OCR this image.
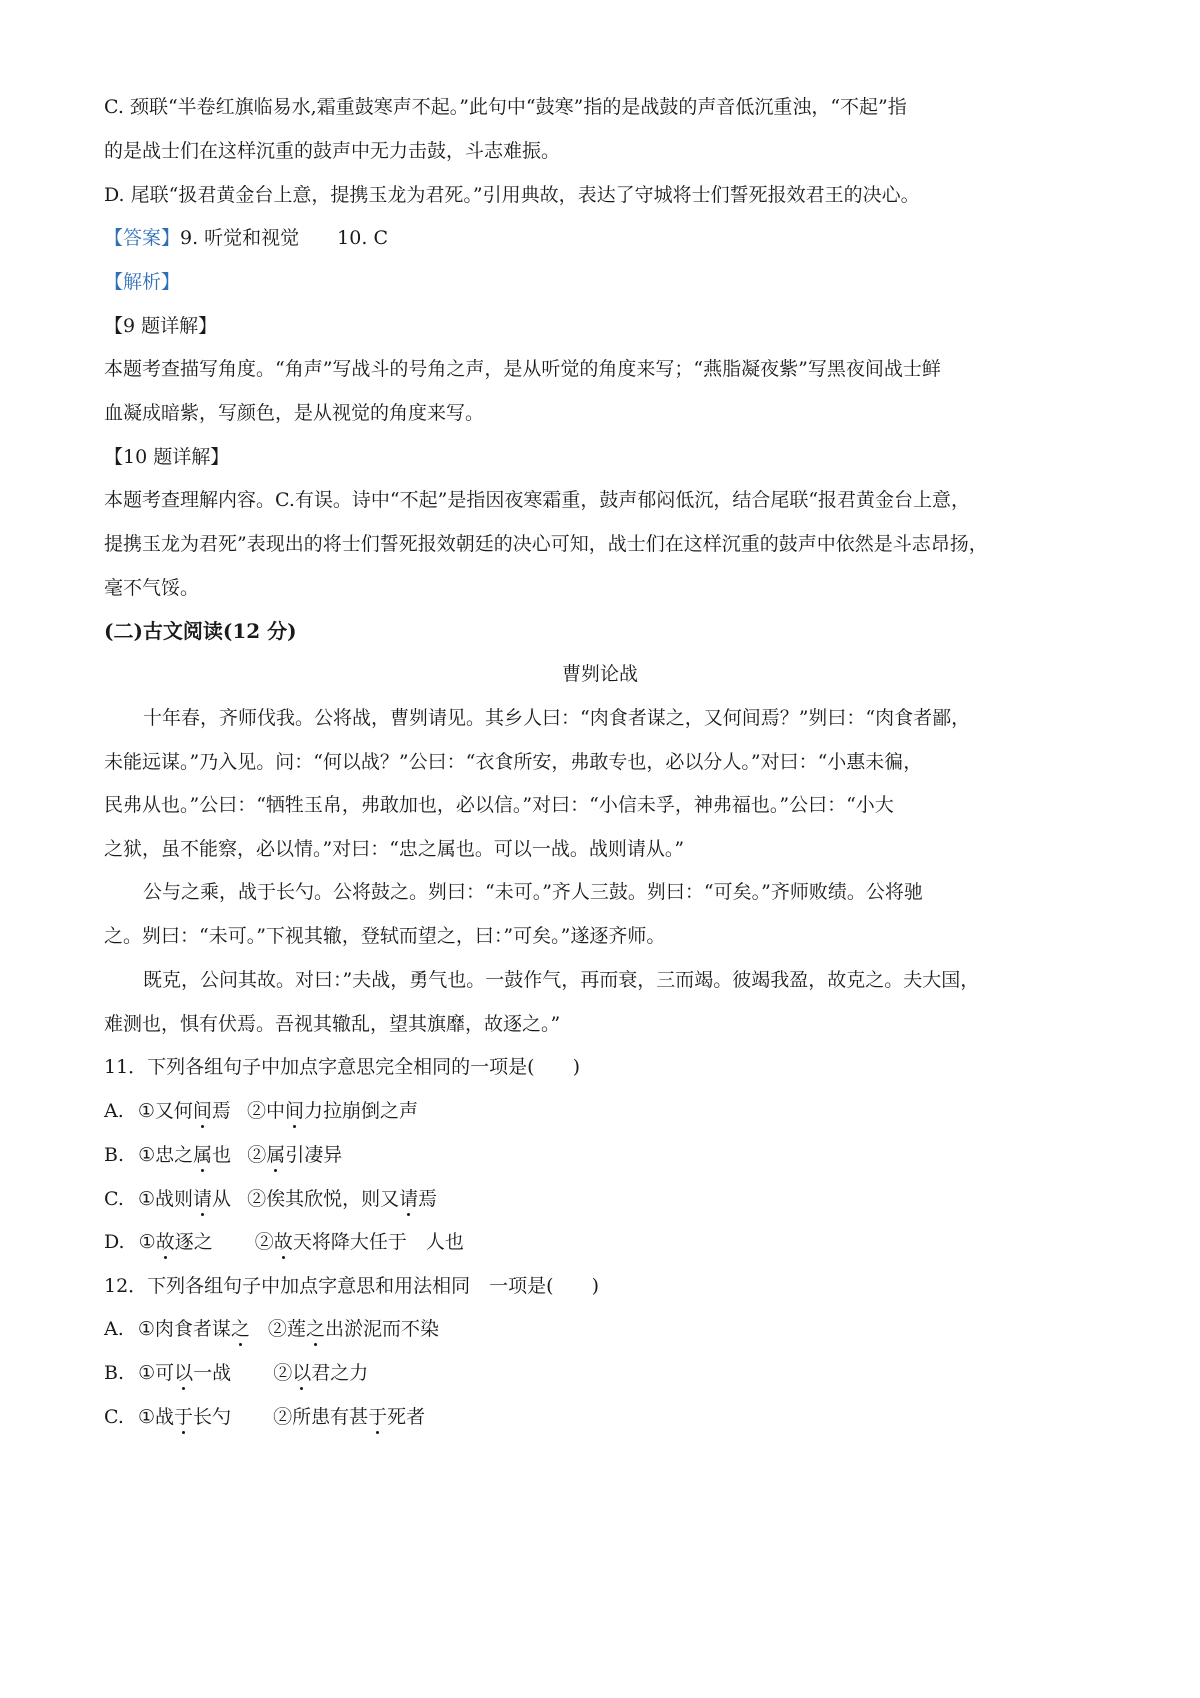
C. 颈联“半卷红旗临易水,霜重鼓寒声不起。”此句中“鼓寒”指的是战鼓的声音低沉重浊，“不起”指
的是战士们在这样沉重的鼓声中无力击鼓，斗志难振。
D. 尾联“扱君黄金台上意，提携玉龙为君死。”引用典故，表达了守城将士们誓死报效君王的决心。
【答案】9. 听觉和视觉　　10. C
【解析】
【9 题详解】
本题考查描写角度。“角声”写战斗的号角之声，是从听觉的角度来写；“燕脂凝夜紫”写黑夜间战士鲜
血凝成暗紫，写颜色，是从视觉的角度来写。
【10 题详解】
本题考查理解内容。C.有误。诗中“不起”是指因夜寒霜重，鼓声郁闷低沉，结合尾联“报君黄金台上意，
提携玉龙为君死”表现出的将士们誓死报效朝廷的决心可知，战士们在这样沉重的鼓声中依然是斗志昂扬，
毫不气馁。
(二)古文阅读(12 分)
曹刿论战
十年春，齐师伐我。公将战，曹刿请见。其乡人曰：“肉食者谋之，又何间焉？”刿曰：“肉食者鄙，
未能远谋。”乃入见。问：“何以战？”公曰：“衣食所安，弗敢专也，必以分人。”对曰：“小惠未徧，
民弗从也。”公曰：“牺牲玉帛，弗敢加也，必以信。”对曰：“小信未孚，神弗福也。”公曰：“小大
之狱，虽不能察，必以情。”对曰：“忠之属也。可以一战。战则请从。”
公与之乘，战于长勺。公将鼓之。刿曰：“未可。”齐人三鼓。刿曰：“可矣。”齐师败绩。公将驰
之。刿曰：“未可。”下视其辙，登轼而望之，曰：”可矣。”遂逐齐师。
既克，公问其故。对曰：”夫战，勇气也。一鼓作气，再而衰，三而竭。彼竭我盈，故克之。夫大国，
难测也，惧有伏焉。吾视其辙乱，望其旗靡，故逐之。”
11．下列各组句子中加点字意思完全相同的一项是(　　)
A. ①又何间焉 ②中间力拉崩倒之声
B. ①忠之属也 ②属引凄异
C. ①战则请从 ②俟其欣悦，则又请焉
D. ①故逐之 ②故天将降大任于　人也
12．下列各组句子中加点字意思和用法相同　一项是(　　)
A. ①肉食者谋之 ②莲之出淤泥而不染
B. ①可以一战 ②以君之力
C. ①战于长勺 ②所患有甚于死者
